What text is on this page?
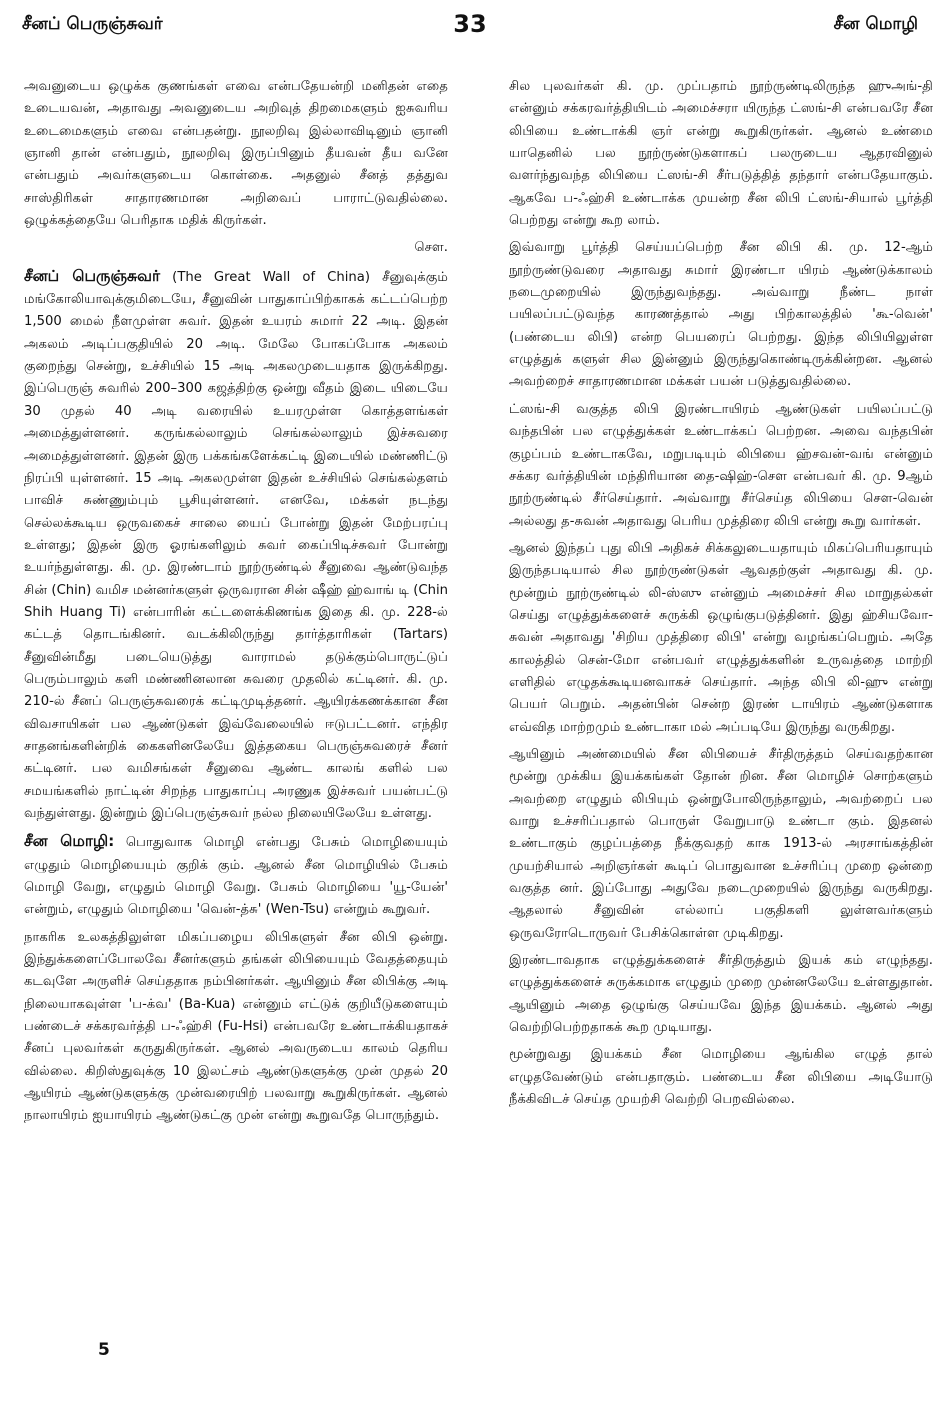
சீனப் பெருஞ்சுவர்	33	சீன மொழி

அவனுடைய ஒழுக்க குணங்கள் எவை என்பதேயன்றி மனிதன் எதை உடையவன், அதாவது அவனுடைய அறிவுத் திறமைகளும் ஐசுவரிய உடைமைகளும் எவை என்பதன்று. நூலறிவு இல்லாவிடினும் ஞானி ஞானி தான் என்பதும், நூலறிவு இருப்பினும் தீயவன் தீய வனே என்பதும் அவர்களுடைய கொள்கை. அதனுல் சீனத் தத்துவ சாஸ்திரிகள் சாதாரணமான அறிவைப் பாராட்டுவதில்லை. ஒழுக்கத்தையே பெரிதாக மதிக் கிருர்கள்.

செள.

சீனப் பெருஞ்சுவர் (The Great Wall of China) சீனுவுக்கும் மங்கோலியாவுக்குமிடையே, சீனுவின் பாதுகாப்பிற்காகக் கட்டப்பெற்ற 1,500 மைல் நீளமுள்ள சுவர். இதன் உயரம் சுமார் 22 அடி. இதன் அகலம் அடிப்பகுதியில் 20 அடி. மேலே போகப்போக அகலம் குறைந்து சென்று, உச்சியில் 15 அடி அகலமுடையதாக இருக்கிறது. இப்பெருஞ் சுவரில் 200–300 கஜத்திற்கு ஒன்று வீதம் இடை யிடையே 30 முதல் 40 அடி வரையில் உயரமுள்ள கொத்தளங்கள் அமைத்துள்ளனர். கருங்கல்லாலும் செங்கல்லாலும் இச்சுவரை அமைத்துள்ளனர். இதன் இரு பக்கங்களேக்கட்டி இடையில் மண்ணிட்டு நிரப்பி யுள்ளனர். 15 அடி அகலமுள்ள இதன் உச்சியில் செங்கல்தளம் பாவிச் சுண்ணும்பும் பூசியுள்ளனர். எனவே, மக்கள் நடந்து செல்லக்கூடிய ஒருவகைச் சாலை யைப் போன்று இதன் மேற்பரப்பு உள்ளது; இதன் இரு ஓரங்களிலும் சுவர் கைப்பிடிச்சுவர் போன்று உயர்ந்துள்ளது. கி. மு. இரண்டாம் நூற்ருண்டில் சீனுவை ஆண்டுவந்த சின் (Chin) வமிச மன்னர்களுள் ஒருவரான சின் ஷீஹ் ஹ்வாங் டி (Chin Shih Huang Ti) என்பாரின் கட்டளைக்கிணங்க இதை கி. மு. 228-ல் கட்டத் தொடங்கினர். வடக்கிலிருந்து தார்த்தாரிகள் (Tartars) சீனுவின்மீது படையெடுத்து வாராமல் தடுக்கும்பொருட்டுப் பெரும்பாலும் களி மண்ணினலான சுவரை முதலில் கட்டினர். கி. மு. 210-ல் சீனப் பெருஞ்சுவரைக் கட்டிமுடித்தனர். ஆயிரக்கணக்கான சீன விவசாயிகள் பல ஆண்டுகள் இவ்வேலையில் ஈடுபட்டனர். எந்திர சாதனங்களின்றிக் கைகளினலேயே இத்தகைய பெருஞ்சுவரைச் சீனர் கட்டினர். பல வமிசங்கள் சீனுவை ஆண்ட காலங் களில் பல சமயங்களில் நாட்டின் சிறந்த பாதுகாப்பு அரணுக இச்சுவர் பயன்பட்டு வந்துள்ளது. இன்றும் இப்பெருஞ்சுவர் நல்ல நிலையிலேயே உள்ளது.

சீன மொழி: பொதுவாக மொழி என்பது பேசும் மொழியையும் எழுதும் மொழியையும் குறிக் கும். ஆனல் சீன மொழியில் பேசும் மொழி வேறு, எழுதும் மொழி வேறு. பேசும் மொழியை 'யூ-யேன்' என்றும், எழுதும் மொழியை 'வென்-த்சு' (Wen-Tsu) என்றும் கூறுவர்.

நாகரிக உலகத்திலுள்ள மிகப்பழைய லிபிகளுள் சீன லிபி ஒன்று. இந்துக்களைப்போலவே சீனர்களும் தங்கள் லிபியையும் வேதத்தையும் கடவுளே அருளிச் செய்ததாக நம்பினர்கள். ஆயினும் சீன லிபிக்கு அடி நிலையாகவுள்ள 'ப-க்வ' (Ba-Kua) என்னும் எட்டுக் குறியீடுகளையும் பண்டைச் சக்கரவர்த்தி ப-ஃஹ்சி (Fu-Hsi) என்பவரே உண்டாக்கியதாகச் சீனப் புலவர்கள் கருதுகிருர்கள். ஆனல் அவருடைய காலம் தெரிய வில்லை. கிறிஸ்துவுக்கு 10 இலட்சம் ஆண்டுகளுக்கு முன் முதல் 20 ஆயிரம் ஆண்டுகளுக்கு முன்வரையிற் பலவாறு கூறுகிருர்கள். ஆனல் நாலாயிரம் ஐயாயிரம் ஆண்டுகட்கு முன் என்று கூறுவதே பொருந்தும்.

சில புலவர்கள் கி. மு. முப்பதாம் நூற்ருண்டிலிருந்த ஹுஅங்-தி என்னும் சக்கரவர்த்தியிடம் அமைச்சரா யிருந்த ட்ஸங்-சி என்பவரே சீன லிபியை உண்டாக்கி ஞர் என்று கூறுகிருர்கள். ஆனல் உண்மை யாதெனில் பல நூற்ருண்டுகளாகப் பலருடைய ஆதரவினுல் வளர்ந்துவந்த லிபியை ட்ஸங்-சி சீர்படுத்தித் தந்தார் என்பதேயாகும். ஆகவே ப-ஃஹ்சி உண்டாக்க முயன்ற சீன லிபி ட்ஸங்-சியால் பூர்த்தி பெற்றது என்று கூற லாம்.

இவ்வாறு பூர்த்தி செய்யப்பெற்ற சீன லிபி கி. மு. 12-ஆம் நூற்ருண்டுவரை அதாவது சுமார் இரண்டா யிரம் ஆண்டுக்காலம் நடைமுறையில் இருந்துவந்தது. அவ்வாறு நீண்ட நாள் பயிலப்பட்டுவந்த காரணத்தால் அது பிற்காலத்தில் 'கூ-வென்' (பண்டைய லிபி) என்ற பெயரைப் பெற்றது. இந்த லிபியிலுள்ள எழுத்துக் களுள் சில இன்னும் இருந்துகொண்டிருக்கின்றன. ஆனல் அவற்றைச் சாதாரணமான மக்கள் பயன் படுத்துவதில்லை.

ட்ஸங்-சி வகுத்த லிபி இரண்டாயிரம் ஆண்டுகள் பயிலப்பட்டு வந்தபின் பல எழுத்துக்கள் உண்டாக்கப் பெற்றன. அவை வந்தபின் குழப்பம் உண்டாகவே, மறுபடியும் லிபியை ஹ்சவன்-வங் என்னும் சக்கர வர்த்தியின் மந்திரியான தை-ஷிஹ்-செள என்பவர் கி. மு. 9ஆம் நூற்ருண்டில் சீர்செய்தார். அவ்வாறு சீர்செய்த லிபியை செள-வென் அல்லது த-சுவன் அதாவது பெரிய முத்திரை லிபி என்று கூறு வார்கள்.

ஆனல் இந்தப் புது லிபி அதிகச் சிக்கலுடையதாயும் மிகப்பெரியதாயும் இருந்தபடியால் சில நூற்ருண்டுகள் ஆவதற்குள் அதாவது கி. மு. மூன்றும் நூற்ருண்டில் லி-ஸ்ஸு என்னும் அமைச்சர் சில மாறுதல்கள் செய்து எழுத்துக்களைச் சுருக்கி ஒழுங்குபடுத்தினர். இது ஹ்சியவோ-சுவன் அதாவது 'சிறிய முத்திரை லிபி' என்று வழங்கப்பெறும். அதே காலத்தில் சென்-மோ என்பவர் எழுத்துக்களின் உருவத்தை மாற்றி எளிதில் எழுதக்கூடியனவாகச் செய்தார். அந்த லிபி லி-ஹு என்று பெயர் பெறும். அதன்பின் சென்ற இரண் டாயிரம் ஆண்டுகளாக எவ்வித மாற்றமும் உண்டாகா மல் அப்படியே இருந்து வருகிறது.

ஆயினும் அண்மையில் சீன லிபியைச் சீர்திருத்தம் செய்வதற்கான மூன்று முக்கிய இயக்கங்கள் தோன் றின. சீன மொழிச் சொற்களும் அவற்றை எழுதும் லிபியும் ஒன்றுபோலிருந்தாலும், அவற்றைப் பல வாறு உச்சரிப்பதால் பொருள் வேறுபாடு உண்டா கும். இதனல் உண்டாகும் குழப்பத்தை நீக்குவதற் காக 1913-ல் அரசாங்கத்தின் முயற்சியால் அறிஞர்கள் கூடிப் பொதுவான உச்சரிப்பு முறை ஒன்றை வகுத்த னர். இப்போது அதுவே நடைமுறையில் இருந்து வருகிறது. ஆதலால் சீனுவின் எல்லாப் பகுதிகளி லுள்ளவர்களும் ஒருவரோடொருவர் பேசிக்கொள்ள முடிகிறது.

இரண்டாவதாக எழுத்துக்களைச் சீர்திருத்தும் இயக் கம் எழுந்தது. எழுத்துக்களைச் சுருக்கமாக எழுதும் முறை முன்னலேயே உள்ளதுதான். ஆயினும் அதை ஒழுங்கு செய்யவே இந்த இயக்கம். ஆனல் அது வெற்றிபெற்றதாகக் கூற முடியாது.

மூன்றுவது இயக்கம் சீன மொழியை ஆங்கில எழுத் தால் எழுதவேண்டும் என்பதாகும். பண்டைய சீன லிபியை அடியோடு நீக்கிவிடச் செய்த முயற்சி வெற்றி பெறவில்லை.

5
